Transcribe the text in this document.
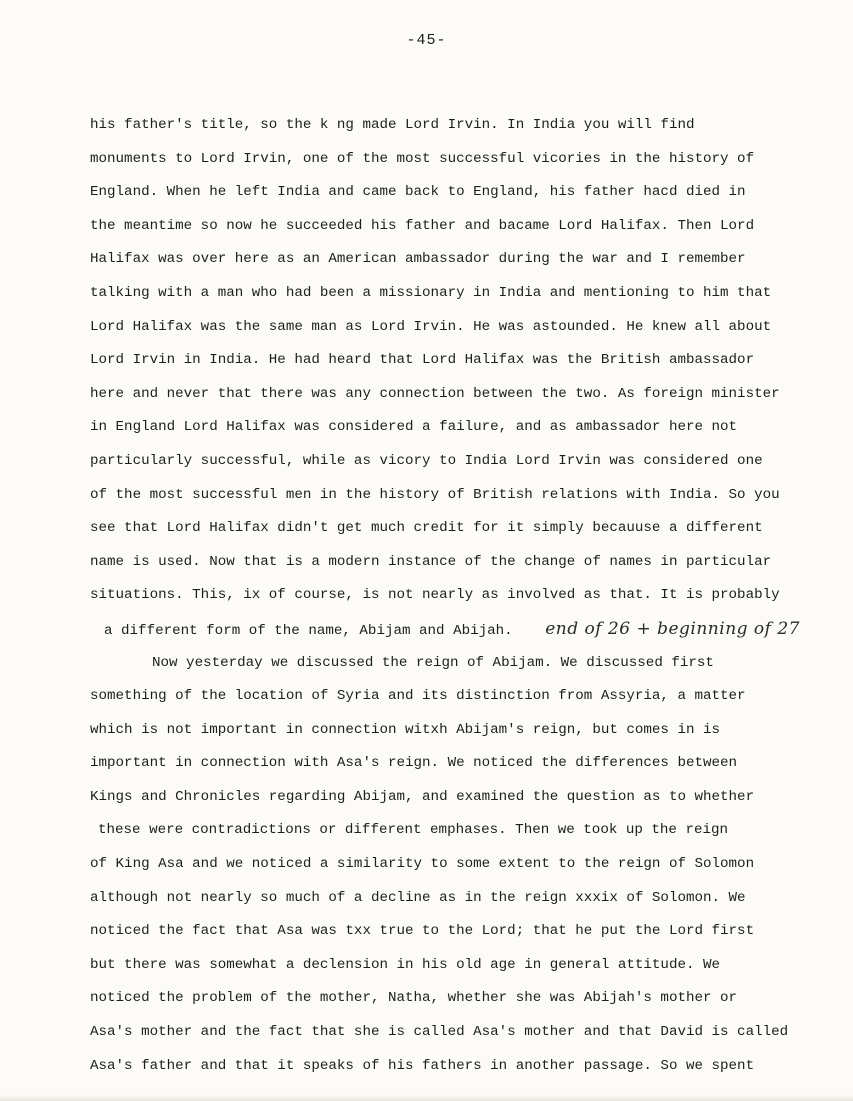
-45-
his father's title, so the k ng made Lord Irvin. In India you will find
monuments to Lord Irvin, one of the most successful vicories in the history of
England. When he left India and came back to England, his father hacd died in
the meantime so now he succeeded his father and bacame Lord Halifax. Then Lord
Halifax was over here as an American ambassador during the war and I remember
talking with a man who had been a missionary in India and mentioning to him that
Lord Halifax was the same man as Lord Irvin. He was astounded. He knew all about
Lord Irvin in India. He had heard that Lord Halifax was the British ambassador
here and never that there was any connection between the two. As foreign minister
in England Lord Halifax was considered a failure, and as ambassador here not
particularly successful, while as vicory to India Lord Irvin was considered one
of the most successful men in the history of British relations with India. So you
see that Lord Halifax didn't get much credit for it simply becauuse a different
name is used. Now that is a modern instance of the change of names in particular
situations. This, ix of course, is not nearly as involved as that. It is probably
a different form of the name, Abijam and Abijah. end of 26 + beginning of 27
Now yesterday we discussed the reign of Abijam. We discussed first
something of the location of Syria and its distinction from Assyria, a matter
which is not important in connection witxh Abijam's reign, but comes in is
important in connection with Asa's reign. We noticed the differences between
Kings and Chronicles regarding Abijam, and examined the question as to whether
these were contradictions or different emphases. Then we took up the reign
of King Asa and we noticed a similarity to some extent to the reign of Solomon
although not nearly so much of a decline as in the reign xxxix of Solomon. We
noticed the fact that Asa was txx true to the Lord; that he put the Lord first
but there was somewhat a declension in his old age in general attitude. We
noticed the problem of the mother, Natha, whether she was Abijah's mother or
Asa's mother and the fact that she is called Asa's mother and that David is called
Asa's father and that it speaks of his fathers in another passage. So we spent
